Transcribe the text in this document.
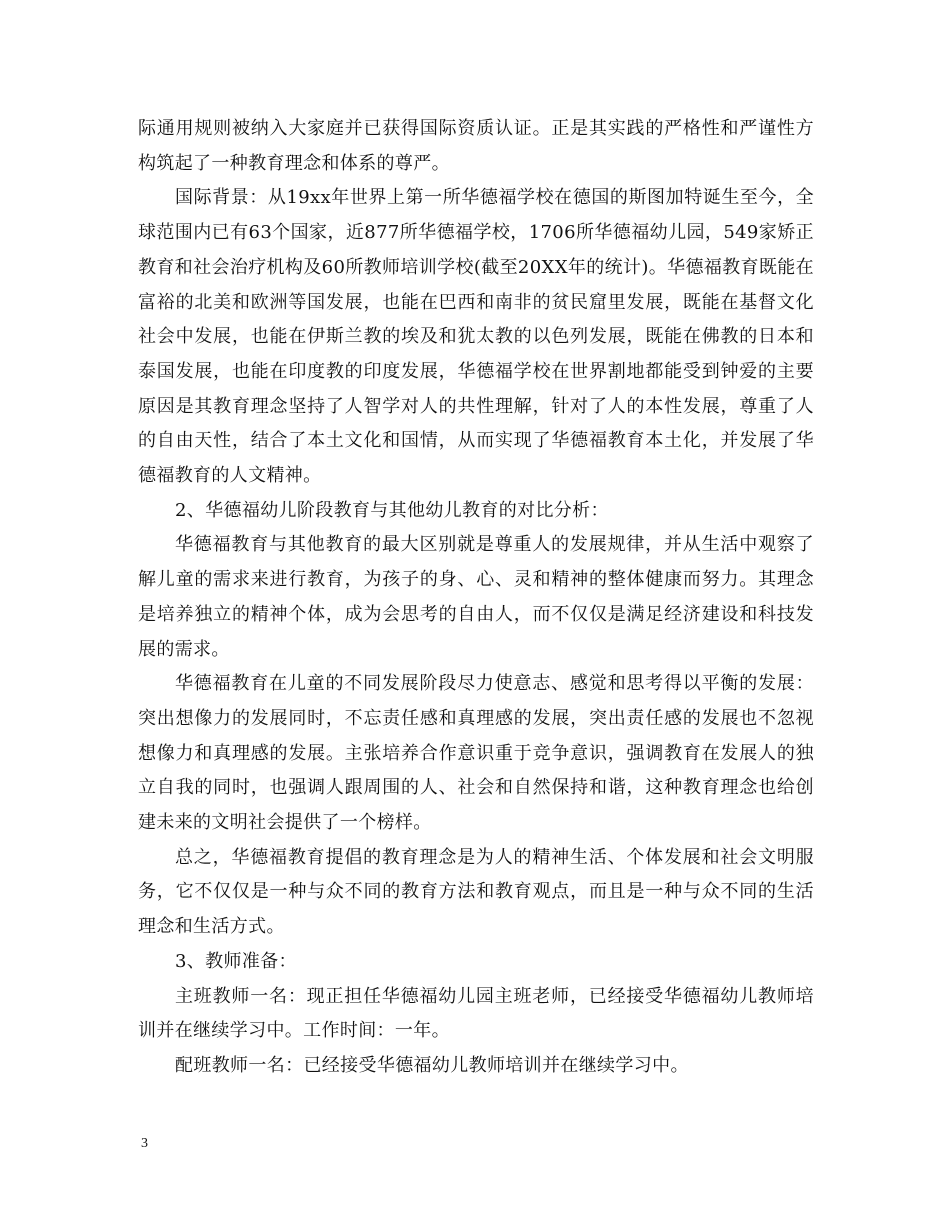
际通用规则被纳入大家庭并已获得国际资质认证。正是其实践的严格性和严谨性方构筑起了一种教育理念和体系的尊严。

国际背景：从19xx年世界上第一所华德福学校在德国的斯图加特诞生至今，全球范围内已有63个国家，近877所华德福学校，1706所华德福幼儿园，549家矫正教育和社会治疗机构及60所教师培训学校(截至20XX年的统计)。华德福教育既能在富裕的北美和欧洲等国发展，也能在巴西和南非的贫民窟里发展，既能在基督文化社会中发展，也能在伊斯兰教的埃及和犹太教的以色列发展，既能在佛教的日本和泰国发展，也能在印度教的印度发展，华德福学校在世界割地都能受到钟爱的主要原因是其教育理念坚持了人智学对人的共性理解，针对了人的本性发展，尊重了人的自由天性，结合了本土文化和国情，从而实现了华德福教育本土化，并发展了华德福教育的人文精神。

2、华德福幼儿阶段教育与其他幼儿教育的对比分析：

华德福教育与其他教育的最大区别就是尊重人的发展规律，并从生活中观察了解儿童的需求来进行教育，为孩子的身、心、灵和精神的整体健康而努力。其理念是培养独立的精神个体，成为会思考的自由人，而不仅仅是满足经济建设和科技发展的需求。

华德福教育在儿童的不同发展阶段尽力使意志、感觉和思考得以平衡的发展：突出想像力的发展同时，不忘责任感和真理感的发展，突出责任感的发展也不忽视想像力和真理感的发展。主张培养合作意识重于竞争意识，强调教育在发展人的独立自我的同时，也强调人跟周围的人、社会和自然保持和谐，这种教育理念也给创建未来的文明社会提供了一个榜样。

总之，华德福教育提倡的教育理念是为人的精神生活、个体发展和社会文明服务，它不仅仅是一种与众不同的教育方法和教育观点，而且是一种与众不同的生活理念和生活方式。

3、教师准备：

主班教师一名：现正担任华德福幼儿园主班老师，已经接受华德福幼儿教师培训并在继续学习中。工作时间：一年。

配班教师一名：已经接受华德福幼儿教师培训并在继续学习中。

3
